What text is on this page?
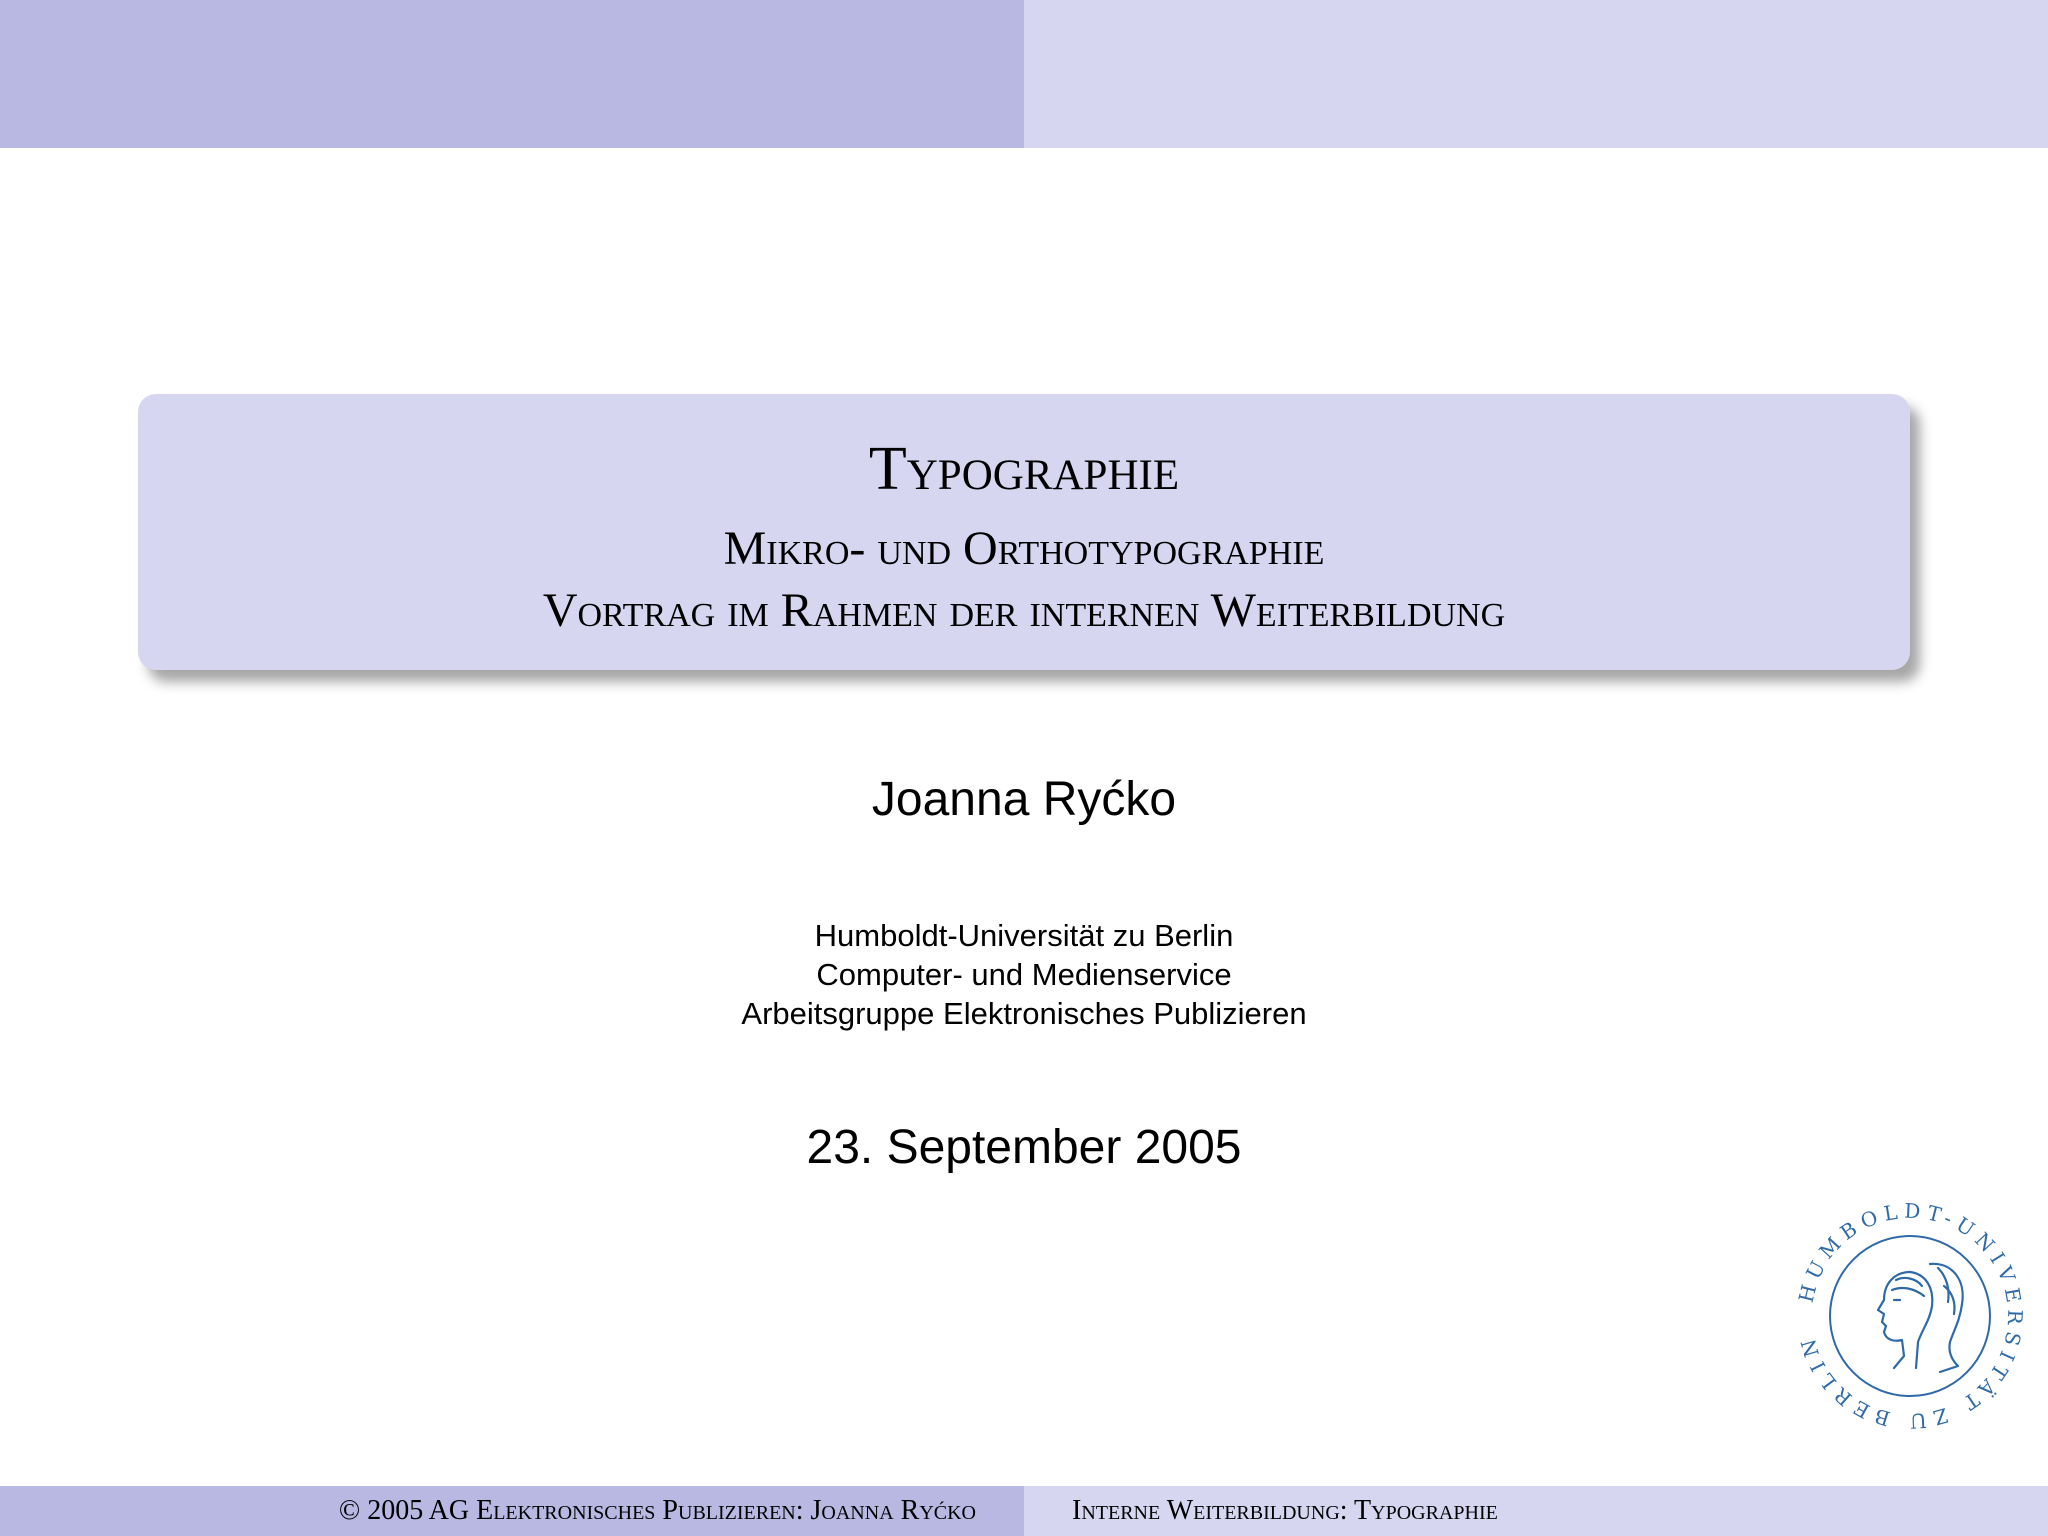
Typographie
Mikro- und Orthotypographie
Vortrag im Rahmen der internen Weiterbildung
Joanna Ryćko
Humboldt-Universität zu Berlin
Computer- und Medienservice
Arbeitsgruppe Elektronisches Publizieren
23. September 2005
HUMBOLDT-UNIVERSITÄT ZU BERLIN
© 2005 AG Elektronisches Publizieren: Joanna Ryćko	Interne Weiterbildung: Typographie
